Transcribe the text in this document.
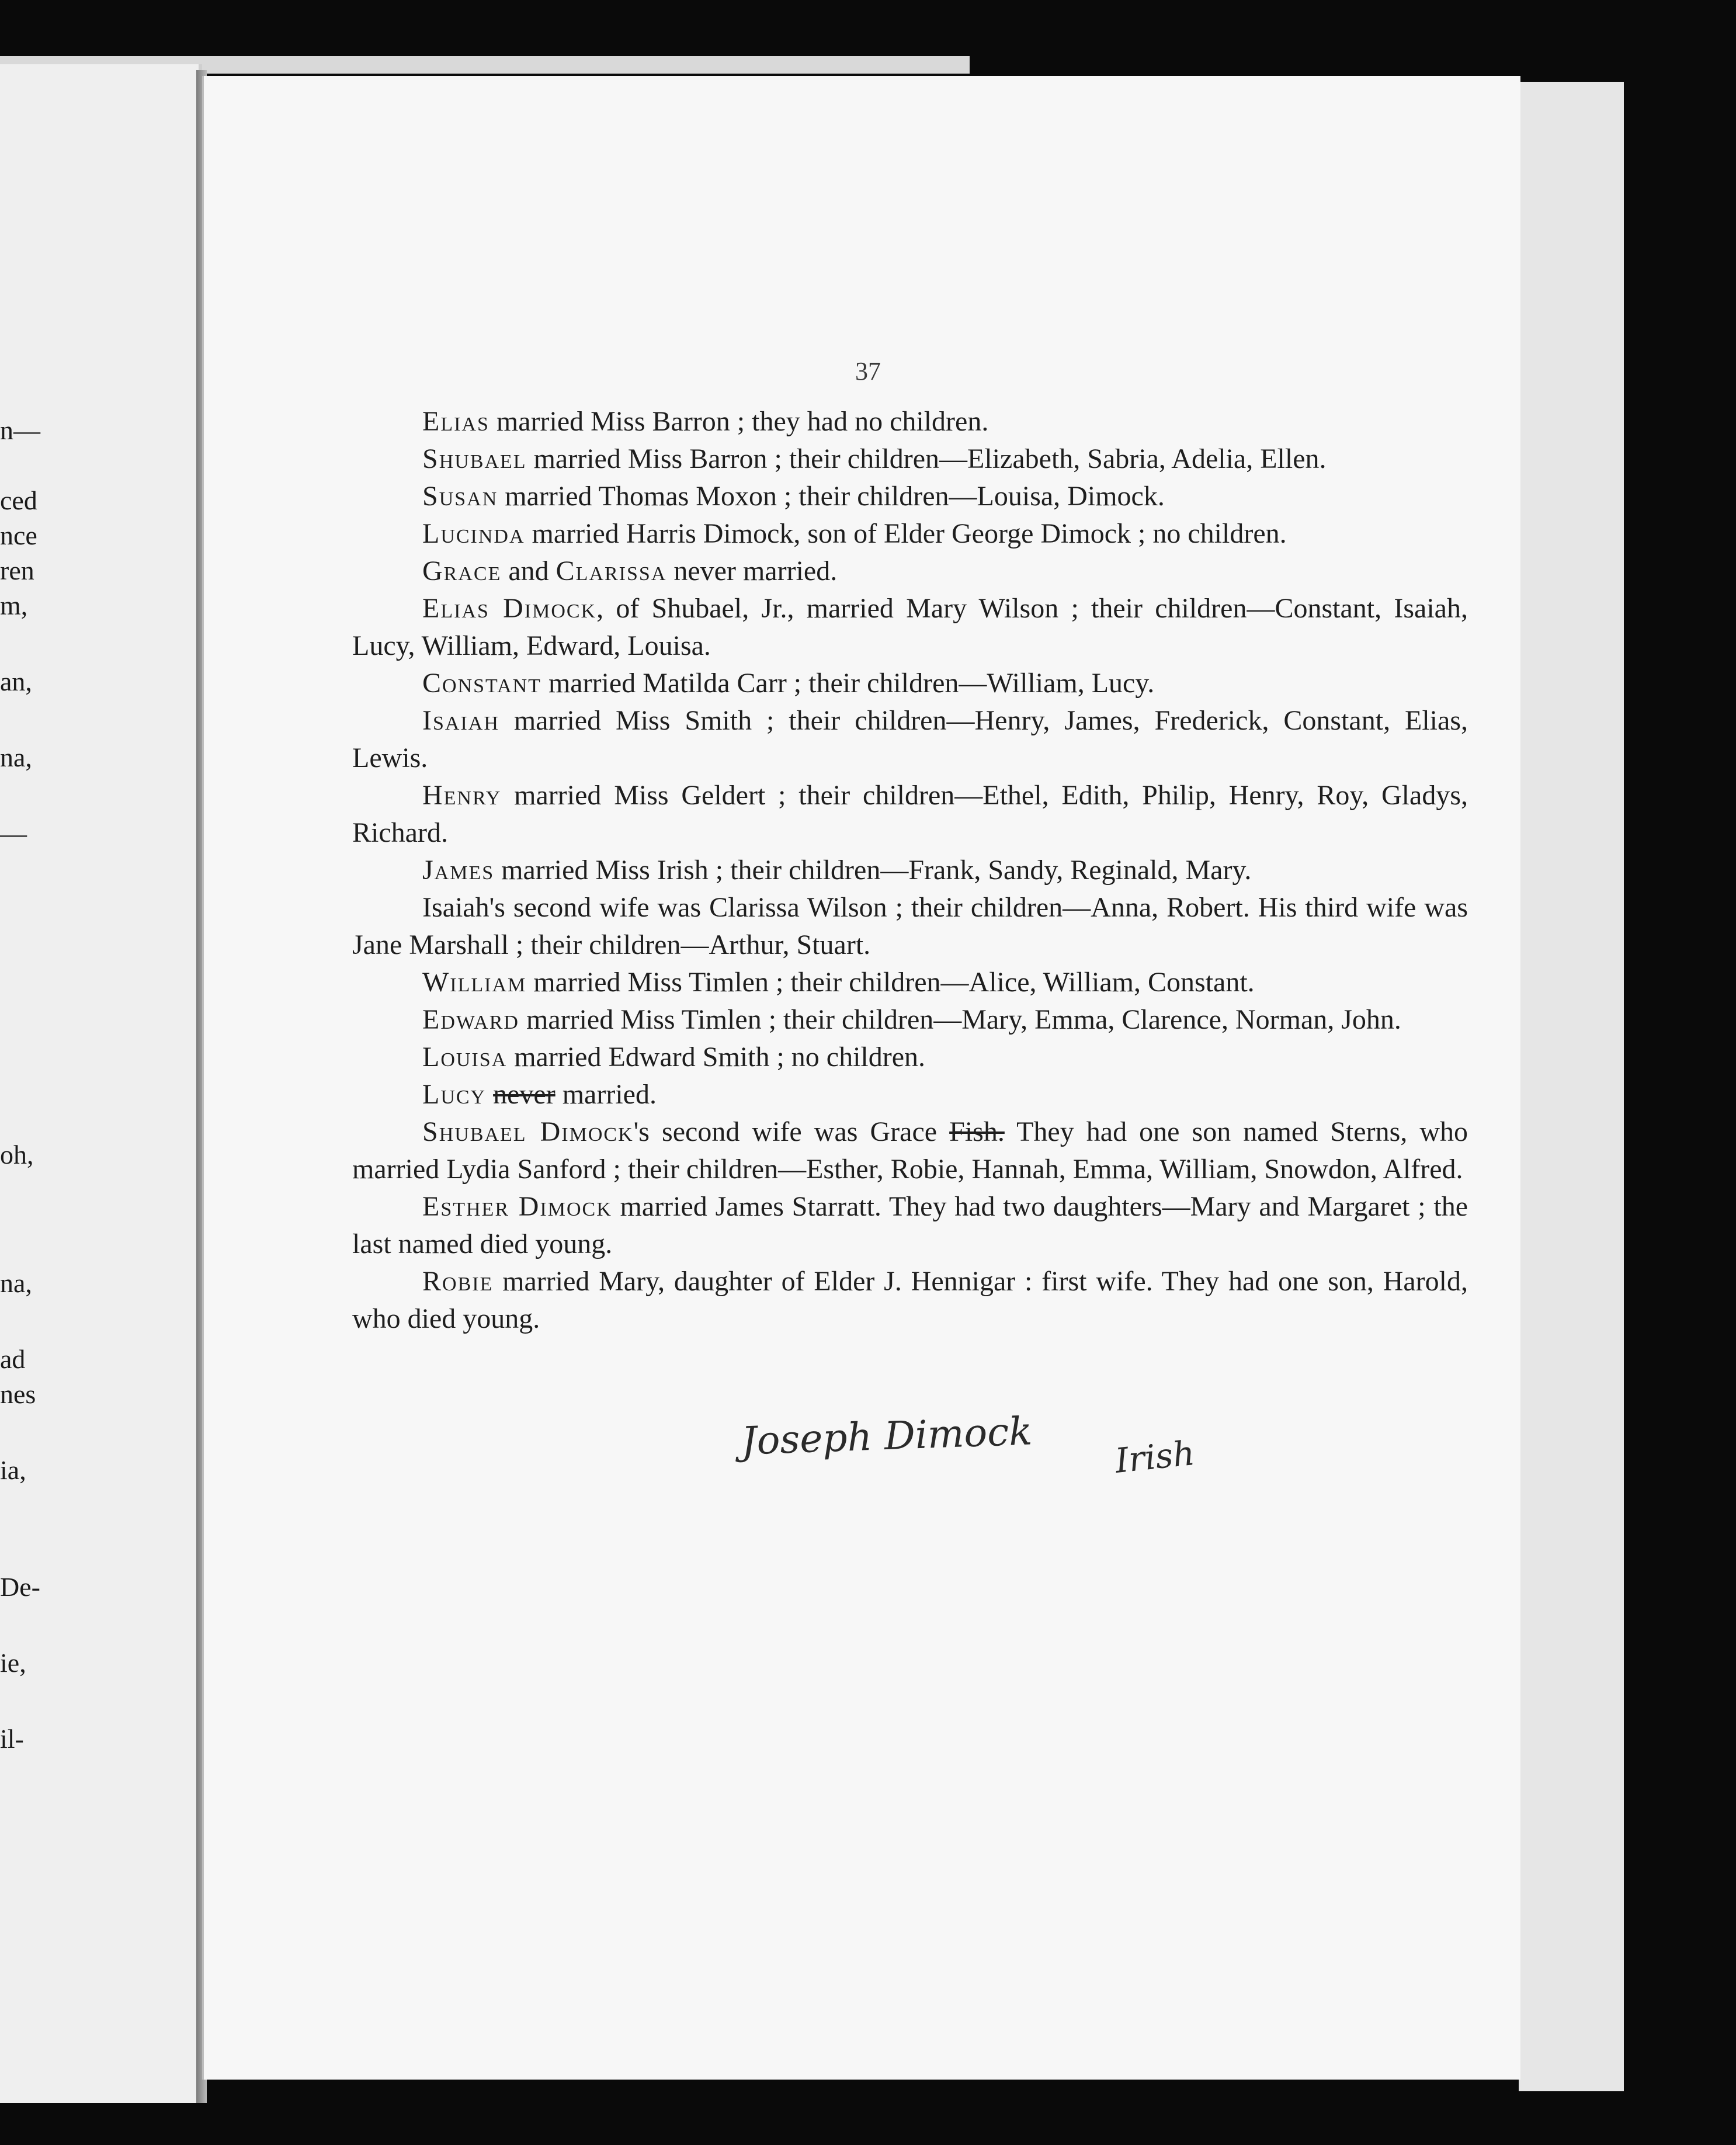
n—
ced
nce
ren
m,
an,
na,
—
oh,
na,
ad
nes
ia,
De-
ie,
il-
37

Elias married Miss Barron ; they had no children.

Shubael married Miss Barron ; their children—Elizabeth, Sabria, Adelia, Ellen.

Susan married Thomas Moxon ; their children—Louisa, Dimock.

Lucinda married Harris Dimock, son of Elder George Dimock ; no children.

Grace and Clarissa never married.

Elias Dimock, of Shubael, Jr., married Mary Wilson ; their children—Constant, Isaiah, Lucy, William, Edward, Louisa.

Constant married Matilda Carr ; their children—William, Lucy.

Isaiah married Miss Smith ; their children—Henry, James, Frederick, Constant, Elias, Lewis.

Henry married Miss Geldert ; their children—Ethel, Edith, Philip, Henry, Roy, Gladys, Richard.

James married Miss Irish ; their children—Frank, Sandy, Reginald, Mary.

Isaiah's second wife was Clarissa Wilson ; their children—Anna, Robert. His third wife was Jane Marshall ; their children—Arthur, Stuart.

William married Miss Timlen ; their children—Alice, William, Constant.

Edward married Miss Timlen ; their children—Mary, Emma, Clarence, Norman, John.

Louisa married Edward Smith ; no children.

Lucy never married.

Shubael Dimock's second wife was Grace Fish. They had one son named Sterns, who married Lydia Sanford ; their children—Esther, Robie, Hannah, Emma, William, Snowdon, Alfred.

Esther Dimock married James Starratt. They had two daughters—Mary and Margaret ; the last named died young.

Robie married Mary, daughter of Elder J. Hennigar : first wife. They had one son, Harold, who died young.

Joseph Dimock Irish
